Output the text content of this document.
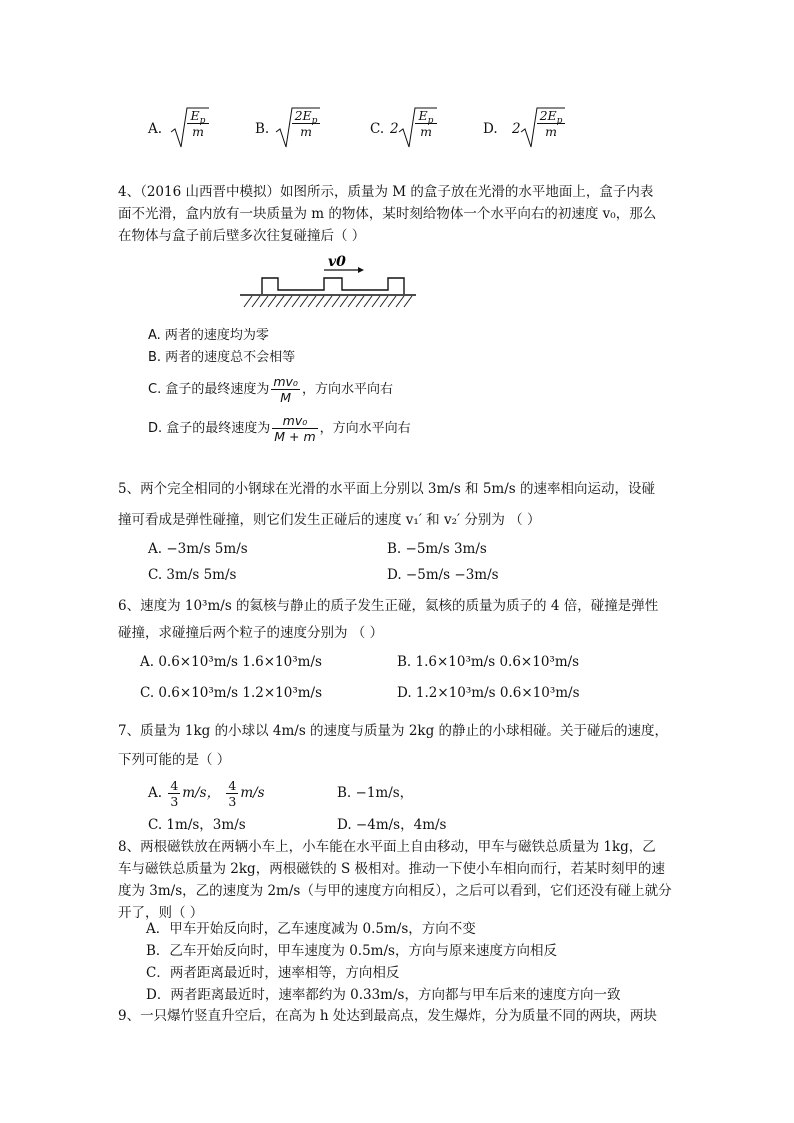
A.
$E_p$
m	B.
$2E_p$
m	C. 2
$E_p$
m	D. 2
$2E_p$
m
4、（2016 山西晋中模拟）如图所示，质量为 M 的盒子放在光滑的水平地面上，盒子内表
面不光滑，盒内放有一块质量为 m 的物体，某时刻给物体一个水平向右的初速度 v₀，那么
在物体与盒子前后壁多次往复碰撞后（ ）
v0
A. 两者的速度均为零
B. 两者的速度总不会相等
C. 盒子的最终速度为 $\frac{\text{mv₀}}{M}$ ，方向水平向右
D. 盒子的最终速度为 $\frac{\text{mv₀}}{M + m}$ ，方向水平向右
5、两个完全相同的小钢球在光滑的水平面上分别以 3m/s 和 5m/s 的速率相向运动，设碰
撞可看成是弹性碰撞，则它们发生正碰后的速度 v₁′ 和 v₂′ 分别为 （ ）
A. −3m/s 5m/s	B. −5m/s 3m/s
C. 3m/s 5m/s	D. −5m/s −3m/s
6、速度为 10³m/s 的氦核与静止的质子发生正碰，氦核的质量为质子的 4 倍，碰撞是弹性
碰撞，求碰撞后两个粒子的速度分别为 （ ）
A. 0.6×10³m/s 1.6×10³m/s	B. 1.6×10³m/s 0.6×10³m/s
C. 0.6×10³m/s 1.2×10³m/s	D. 1.2×10³m/s 0.6×10³m/s
7、质量为 1kg 的小球以 4m/s 的速度与质量为 2kg 的静止的小球相碰。关于碰后的速度，
下列可能的是（ ）
A. $\frac{4}{3} m/s$， $\frac{4}{3} m/s$	B. −1m/s，
C. 1m/s，3m/s	D. −4m/s，4m/s
8、两根磁铁放在两辆小车上，小车能在水平面上自由移动，甲车与磁铁总质量为 1kg，乙
车与磁铁总质量为 2kg，两根磁铁的 S 极相对。推动一下使小车相向而行，若某时刻甲的速
度为 3m/s，乙的速度为 2m/s（与甲的速度方向相反），之后可以看到，它们还没有碰上就分
开了，则（ ）
A．甲车开始反向时，乙车速度减为 0.5m/s，方向不变
B．乙车开始反向时，甲车速度为 0.5m/s，方向与原来速度方向相反
C．两者距离最近时，速率相等，方向相反
D．两者距离最近时，速率都约为 0.33m/s，方向都与甲车后来的速度方向一致
9、一只爆竹竖直升空后，在高为 h 处达到最高点，发生爆炸，分为质量不同的两块，两块
